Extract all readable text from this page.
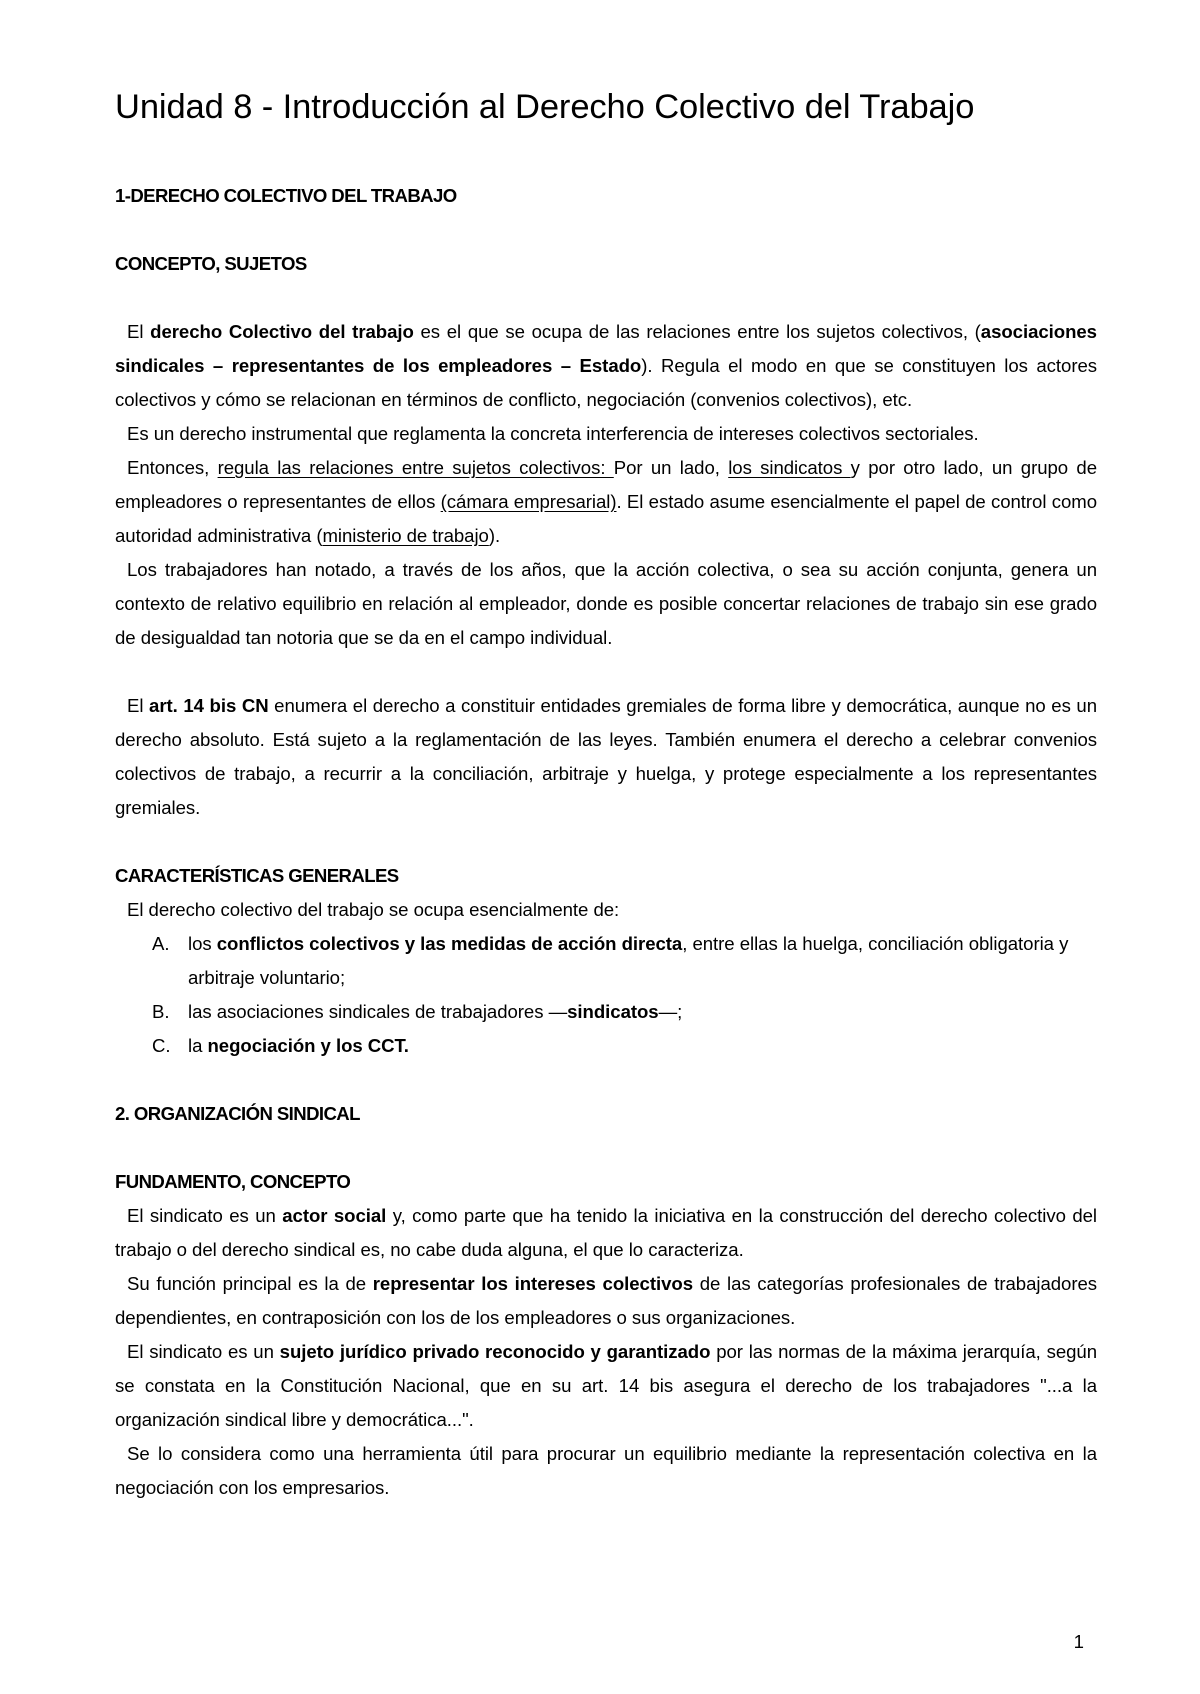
Unidad 8 - Introducción al Derecho Colectivo del Trabajo
1-DERECHO COLECTIVO DEL TRABAJO
CONCEPTO, SUJETOS

El derecho Colectivo del trabajo es el que se ocupa de las relaciones entre los sujetos colectivos, (asociaciones sindicales – representantes de los empleadores – Estado). Regula el modo en que se constituyen los actores colectivos y cómo se relacionan en términos de conflicto, negociación (convenios colectivos), etc.

Es un derecho instrumental que reglamenta la concreta interferencia de intereses colectivos sectoriales.

Entonces, regula las relaciones entre sujetos colectivos: Por un lado, los sindicatos y por otro lado, un grupo de empleadores o representantes de ellos (cámara empresarial). El estado asume esencialmente el papel de control como autoridad administrativa (ministerio de trabajo).

Los trabajadores han notado, a través de los años, que la acción colectiva, o sea su acción conjunta, genera un contexto de relativo equilibrio en relación al empleador, donde es posible concertar relaciones de trabajo sin ese grado de desigualdad tan notoria que se da en el campo individual.

El art. 14 bis CN enumera el derecho a constituir entidades gremiales de forma libre y democrática, aunque no es un derecho absoluto. Está sujeto a la reglamentación de las leyes. También enumera el derecho a celebrar convenios colectivos de trabajo, a recurrir a la conciliación, arbitraje y huelga, y protege especialmente a los representantes gremiales.

CARACTERÍSTICAS GENERALES

El derecho colectivo del trabajo se ocupa esencialmente de:

A. los conflictos colectivos y las medidas de acción directa, entre ellas la huelga, conciliación obligatoria y arbitraje voluntario;
B. las asociaciones sindicales de trabajadores —sindicatos—;
C. la negociación y los CCT.
2. ORGANIZACIÓN SINDICAL
FUNDAMENTO, CONCEPTO

El sindicato es un actor social y, como parte que ha tenido la iniciativa en la construcción del derecho colectivo del trabajo o del derecho sindical es, no cabe duda alguna, el que lo caracteriza.

Su función principal es la de representar los intereses colectivos de las categorías profesionales de trabajadores dependientes, en contraposición con los de los empleadores o sus organizaciones.

El sindicato es un sujeto jurídico privado reconocido y garantizado por las normas de la máxima jerarquía, según se constata en la Constitución Nacional, que en su art. 14 bis asegura el derecho de los trabajadores "...a la organización sindical libre y democrática...".

Se lo considera como una herramienta útil para procurar un equilibrio mediante la representación colectiva en la negociación con los empresarios.

1
